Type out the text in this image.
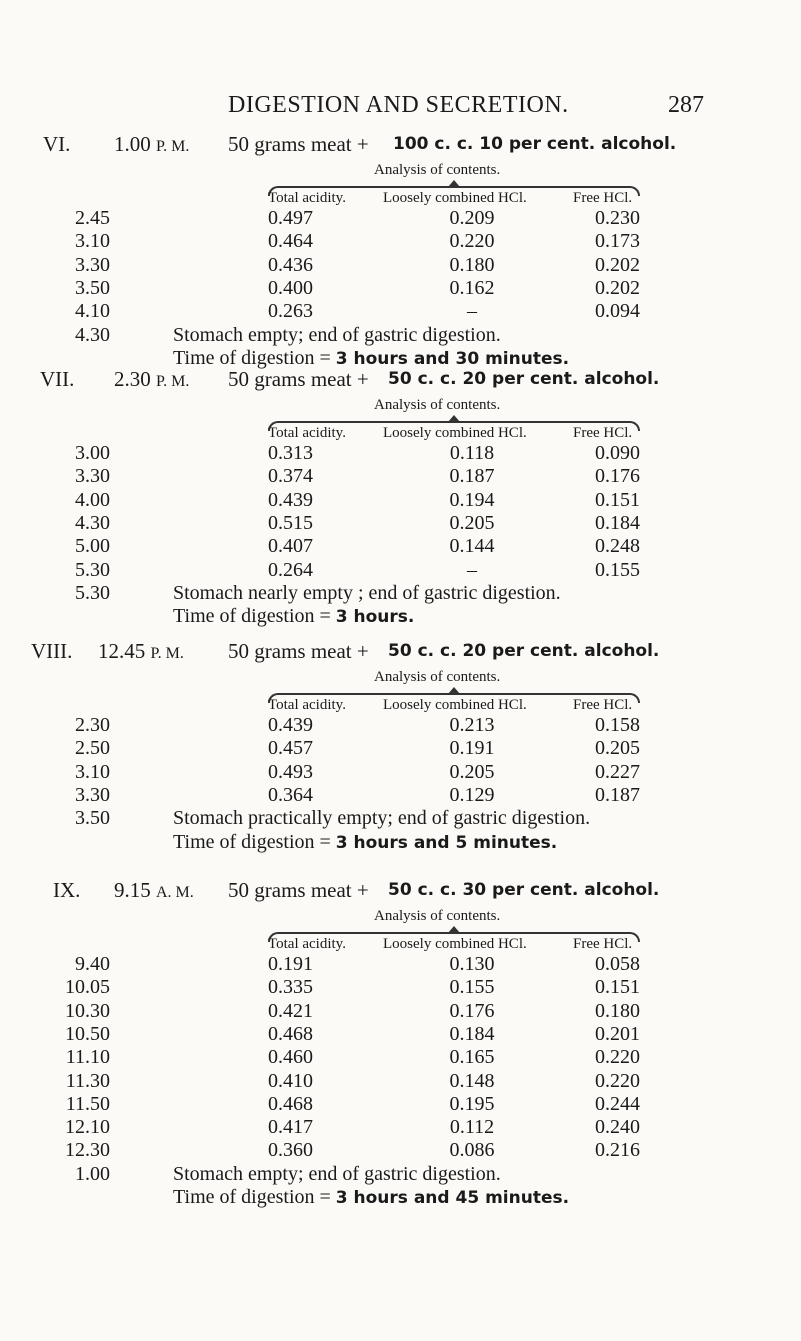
DIGESTION AND SECRETION.	287
VI. 1.00 P. M. 50 grams meat + 100 c. c. 10 per cent. alcohol.
Analysis of contents.
Total acidity. Loosely combined HCl.	Free HCl.
2.45	0.497	0.209	0.230
3.10	0.464	0.220	0.173
3.30	0.436	0.180	0.202
3.50	0.400	0.162	0.202
4.10	0.263	–	0.094
4.30	Stomach empty; end of gastric digestion.
Time of digestion = 3 hours and 30 minutes.
VII. 2.30 P. M. 50 grams meat + 50 c. c. 20 per cent. alcohol.
Analysis of contents.
Total acidity. Loosely combined HCl.	Free HCl.
3.00	0.313	0.118	0.090
3.30	0.374	0.187	0.176
4.00	0.439	0.194	0.151
4.30	0.515	0.205	0.184
5.00	0.407	0.144	0.248
5.30	0.264	–	0.155
5.30	Stomach nearly empty ; end of gastric digestion.
Time of digestion = 3 hours.
VIII. 12.45 P. M. 50 grams meat + 50 c. c. 20 per cent. alcohol.
Analysis of contents.
Total acidity. Loosely combined HCl.	Free HCl.
2.30	0.439	0.213	0.158
2.50	0.457	0.191	0.205
3.10	0.493	0.205	0.227
3.30	0.364	0.129	0.187
3.50	Stomach practically empty; end of gastric digestion.
Time of digestion = 3 hours and 5 minutes.
IX. 9.15 A. M. 50 grams meat + 50 c. c. 30 per cent. alcohol.
Analysis of contents.
Total acidity. Loosely combined HCl.	Free HCl.
9.40	0.191	0.130	0.058
10.05	0.335	0.155	0.151
10.30	0.421	0.176	0.180
10.50	0.468	0.184	0.201
11.10	0.460	0.165	0.220
11.30	0.410	0.148	0.220
11.50	0.468	0.195	0.244
12.10	0.417	0.112	0.240
12.30	0.360	0.086	0.216
1.00	Stomach empty; end of gastric digestion.
Time of digestion = 3 hours and 45 minutes.
